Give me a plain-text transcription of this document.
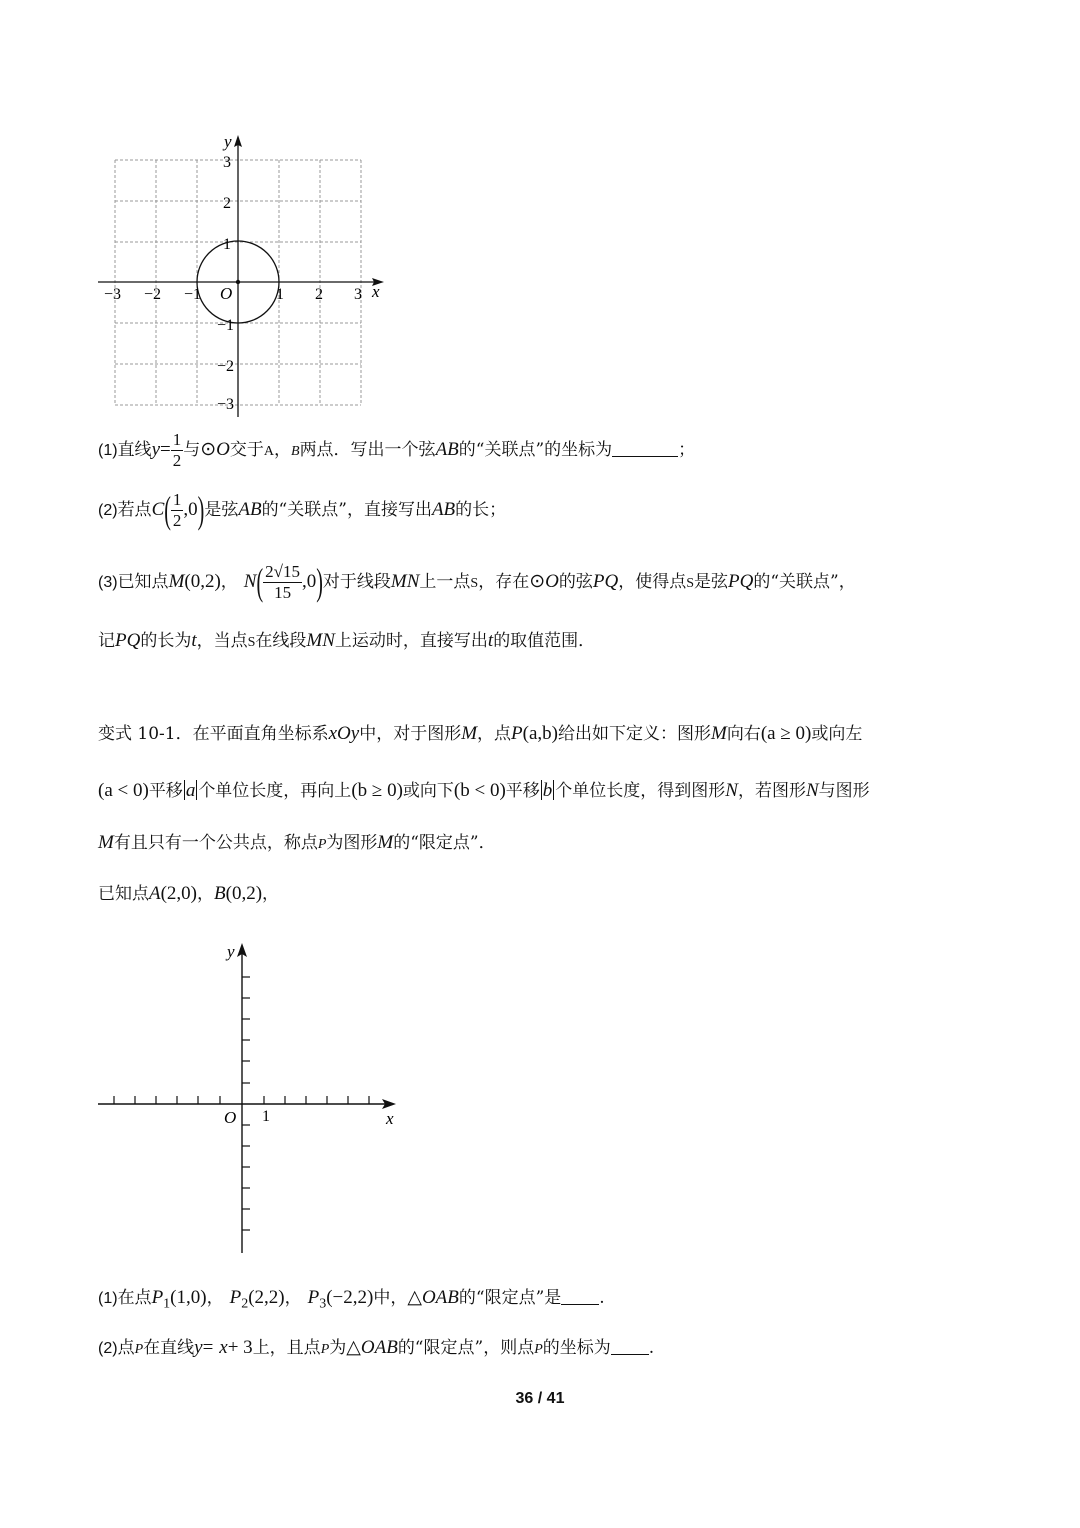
y
x
O
−3 −2 −1	1 2 3
3
2
1
−1
−2
−3
(1)直线$y= \frac{1}{2}$ 与⊙O交于A，B两点．写出一个弦AB的“关联点”的坐标为	；
(2)若点$C( \frac{1}{2} ,0)$是弦AB的“关联点”，直接写出AB的长；
(3)已知点M(0,2)， $N( \frac{2√15}{15} ,0)$对于线段MN上一点S，存在⊙O的弦PQ，使得点S是弦PQ的“关联点”，
记PQ的长为t，当点S在线段MN上运动时，直接写出t的取值范围．
变式 10-1．在平面直角坐标系xOy中，对于图形M，点P(a,b)给出如下定义：图形M向右(a ≥ 0)或向左
(a < 0)平移 a 个单位长度，再向上(b ≥ 0)或向下(b < 0)平移 b 个单位长度，得到图形N，若图形N与图形
M有且只有一个公共点，称点P为图形M的“限定点”．
已知点A(2,0)，B(0,2)，
y
x
O 1
(1)在点$P_1(1,0)$， $P_2(2,2)$， $P_3(-2,2)$中，△OAB的“限定点”是 .
(2)点P在直线y= x+ 3上，且点P为△OAB的“限定点”，则点P的坐标为 .
36 / 41
